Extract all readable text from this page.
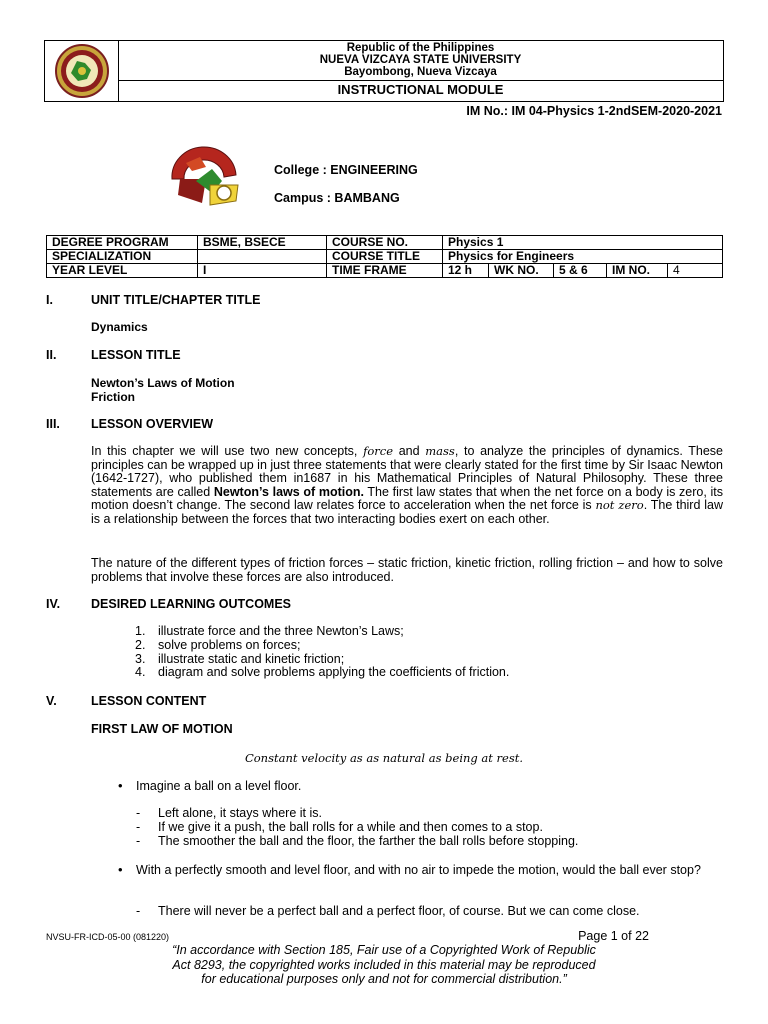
Republic of the Philippines
NUEVA VIZCAYA STATE UNIVERSITY
Bayombong, Nueva Vizcaya
INSTRUCTIONAL MODULE
IM No.: IM 04-Physics 1-2ndSEM-2020-2021
College : ENGINEERING
Campus : BAMBANG
DEGREE PROGRAM	BSME, BSECE	COURSE NO.	Physics 1				
SPECIALIZATION		COURSE TITLE	Physics for Engineers				
YEAR LEVEL	I	TIME FRAME	12 h	WK NO.	5 & 6	IM NO.	4
I.	UNIT TITLE/CHAPTER TITLE
Dynamics
II.	LESSON TITLE
Newton’s Laws of Motion
Friction
III. LESSON OVERVIEW
In this chapter we will use two new concepts, force and mass, to analyze the principles of dynamics. These principles can be wrapped up in just three statements that were clearly stated for the first time by Sir Isaac Newton (1642-1727), who published them in1687 in his Mathematical Principles of Natural Philosophy. These three statements are called Newton’s laws of motion. The first law states that when the net force on a body is zero, its motion doesn’t change. The second law relates force to acceleration when the net force is not zero. The third law is a relationship between the forces that two interacting bodies exert on each other.
The nature of the different types of friction forces – static friction, kinetic friction, rolling friction – and how to solve problems that involve these forces are also introduced.
IV. DESIRED LEARNING OUTCOMES
1. illustrate force and the three Newton’s Laws;
2. solve problems on forces;
3. illustrate static and kinetic friction;
4. diagram and solve problems applying the coefficients of friction.
V.	LESSON CONTENT
FIRST LAW OF MOTION
Constant velocity as as natural as being at rest.
• Imagine a ball on a level floor.
- Left alone, it stays where it is.
- If we give it a push, the ball rolls for a while and then comes to a stop.
- The smoother the ball and the floor, the farther the ball rolls before stopping.
• With a perfectly smooth and level floor, and with no air to impede the motion, would the ball ever stop?
- There will never be a perfect ball and a perfect floor, of course. But we can come close.
NVSU-FR-ICD-05-00 (081220)	Page 1 of 22
“In accordance with Section 185, Fair use of a Copyrighted Work of Republic
Act 8293, the copyrighted works included in this material may be reproduced
for educational purposes only and not for commercial distribution.”
